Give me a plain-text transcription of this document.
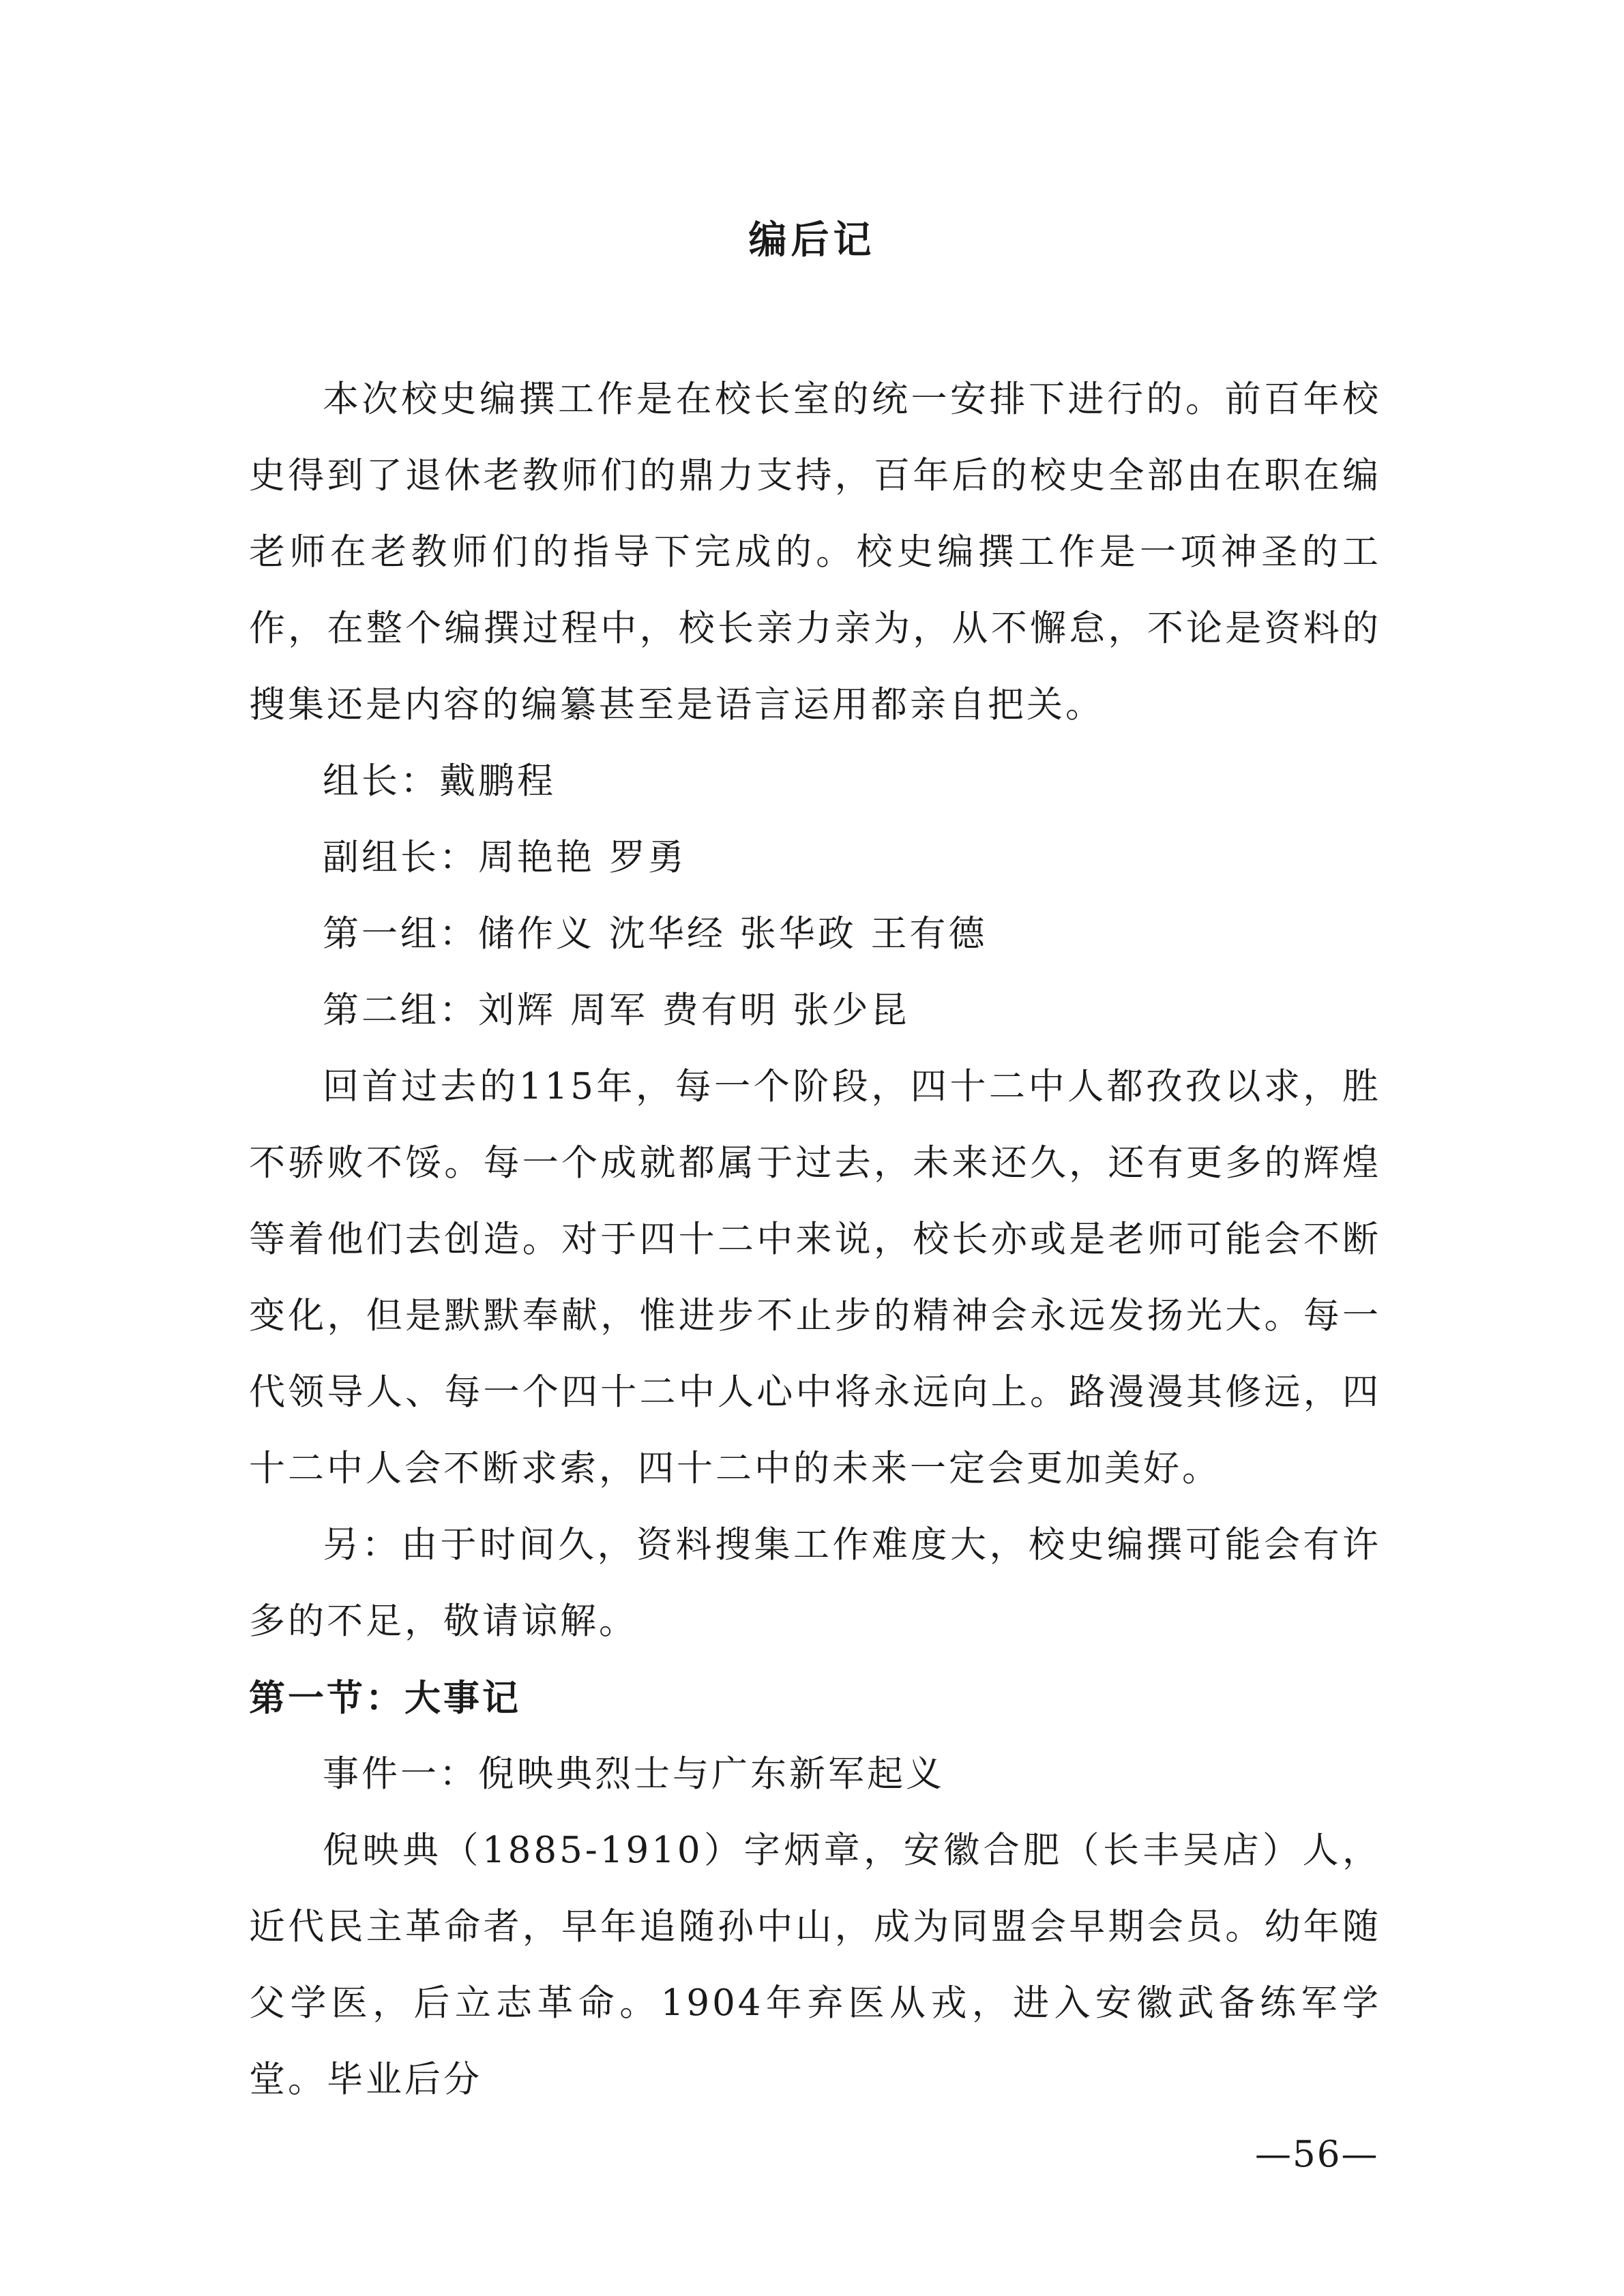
编后记

本次校史编撰工作是在校长室的统一安排下进行的。前百年校史得到了退休老教师们的鼎力支持，百年后的校史全部由在职在编老师在老教师们的指导下完成的。校史编撰工作是一项神圣的工作，在整个编撰过程中，校长亲力亲为，从不懈怠，不论是资料的搜集还是内容的编纂甚至是语言运用都亲自把关。

组长：戴鹏程

副组长：周艳艳 罗勇

第一组：储作义 沈华经 张华政 王有德

第二组：刘辉 周军 费有明 张少昆

回首过去的115年，每一个阶段，四十二中人都孜孜以求，胜不骄败不馁。每一个成就都属于过去，未来还久，还有更多的辉煌等着他们去创造。对于四十二中来说，校长亦或是老师可能会不断变化，但是默默奉献，惟进步不止步的精神会永远发扬光大。每一代领导人、每一个四十二中人心中将永远向上。路漫漫其修远，四十二中人会不断求索，四十二中的未来一定会更加美好。

另：由于时间久，资料搜集工作难度大，校史编撰可能会有许多的不足，敬请谅解。

第一节：大事记

事件一：倪映典烈士与广东新军起义

倪映典（1885-1910）字炳章，安徽合肥（长丰吴店）人，近代民主革命者，早年追随孙中山，成为同盟会早期会员。幼年随父学医，后立志革命。1904年弃医从戎，进入安徽武备练军学堂。毕业后分

—56—
